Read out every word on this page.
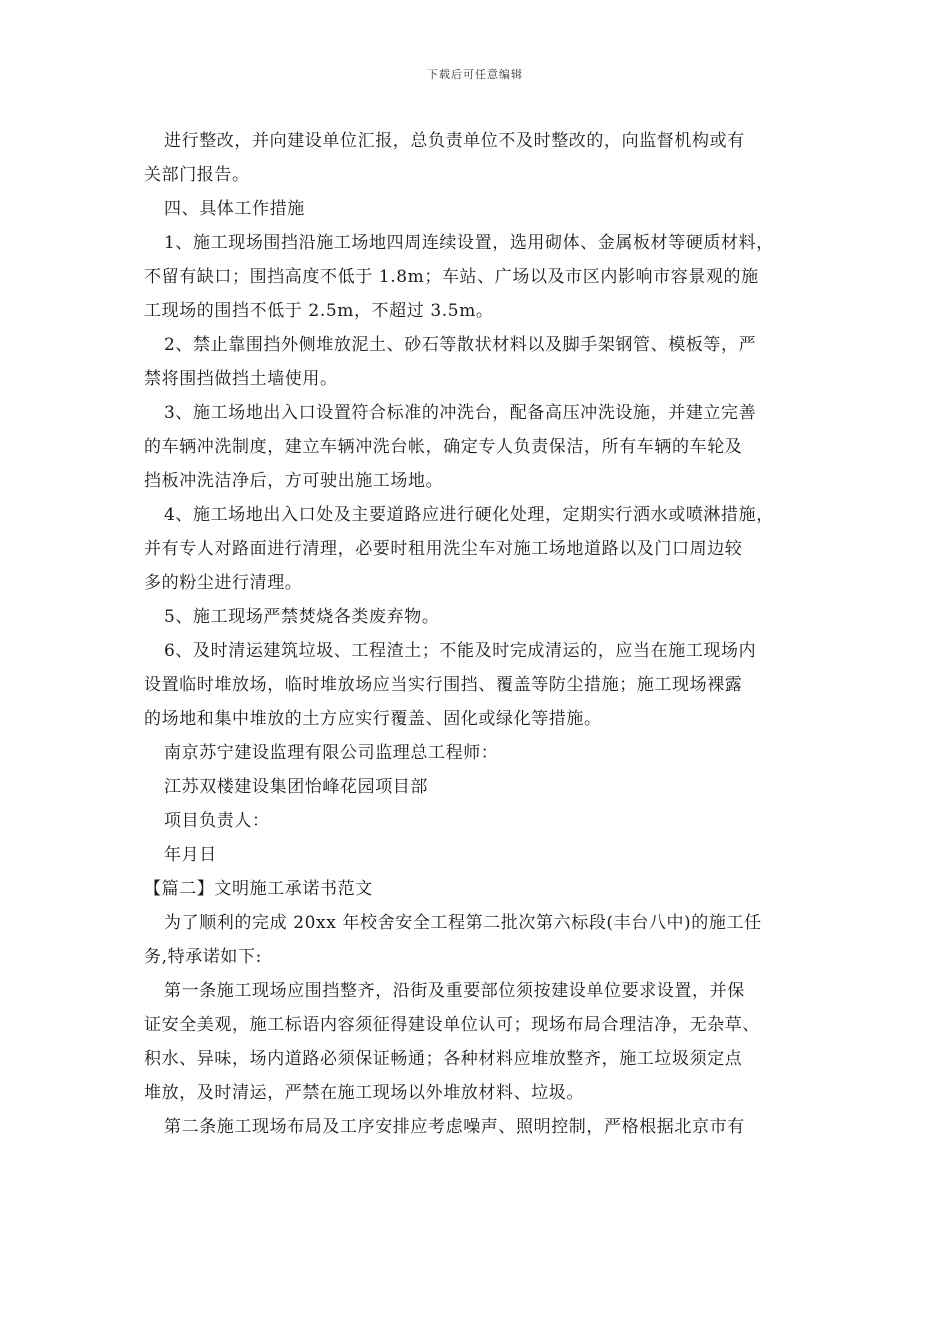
下载后可任意编辑
进行整改，并向建设单位汇报，总负责单位不及时整改的，向监督机构或有
关部门报告。
四、具体工作措施
1、施工现场围挡沿施工场地四周连续设置，选用砌体、金属板材等硬质材料，
不留有缺口；围挡高度不低于 1.8m；车站、广场以及市区内影响市容景观的施
工现场的围挡不低于 2.5m，不超过 3.5m。
2、禁止靠围挡外侧堆放泥土、砂石等散状材料以及脚手架钢管、模板等，严
禁将围挡做挡土墙使用。
3、施工场地出入口设置符合标准的冲洗台，配备高压冲洗设施，并建立完善
的车辆冲洗制度，建立车辆冲洗台帐，确定专人负责保洁，所有车辆的车轮及
挡板冲洗洁净后，方可驶出施工场地。
4、施工场地出入口处及主要道路应进行硬化处理，定期实行洒水或喷淋措施，
并有专人对路面进行清理，必要时租用洗尘车对施工场地道路以及门口周边较
多的粉尘进行清理。
5、施工现场严禁焚烧各类废弃物。
6、及时清运建筑垃圾、工程渣土；不能及时完成清运的，应当在施工现场内
设置临时堆放场，临时堆放场应当实行围挡、覆盖等防尘措施；施工现场裸露
的场地和集中堆放的土方应实行覆盖、固化或绿化等措施。
南京苏宁建设监理有限公司监理总工程师：
江苏双楼建设集团怡峰花园项目部
项目负责人：
年月日
【篇二】文明施工承诺书范文
为了顺利的完成 20xx 年校舍安全工程第二批次第六标段(丰台八中)的施工任
务,特承诺如下:
第一条施工现场应围挡整齐，沿街及重要部位须按建设单位要求设置，并保
证安全美观，施工标语内容须征得建设单位认可；现场布局合理洁净，无杂草、
积水、异味，场内道路必须保证畅通；各种材料应堆放整齐，施工垃圾须定点
堆放，及时清运，严禁在施工现场以外堆放材料、垃圾。
第二条施工现场布局及工序安排应考虑噪声、照明控制，严格根据北京市有
